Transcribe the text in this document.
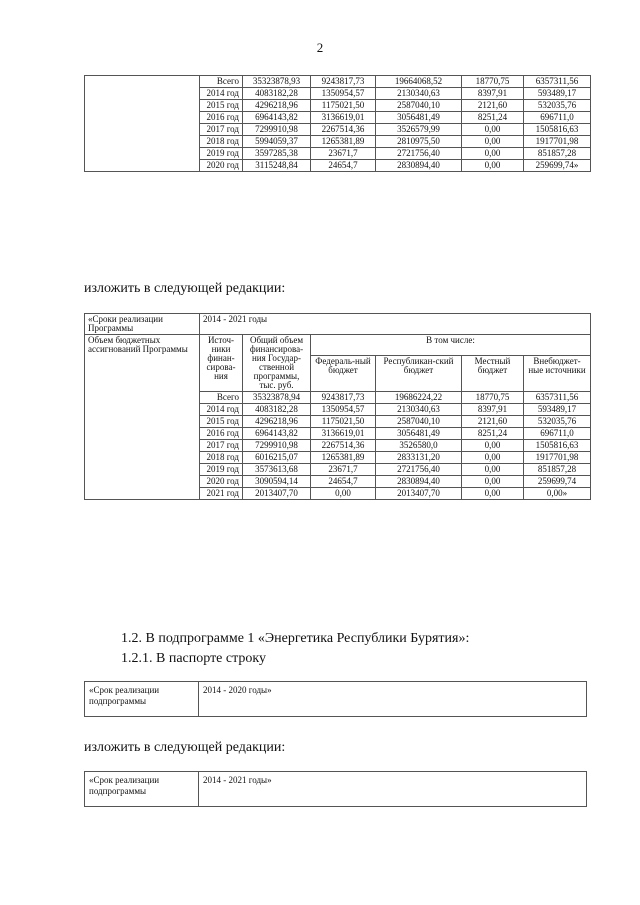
2
	Всего	35323878,93	9243817,73	19664068,52	18770,75	6357311,56
	2014 год	4083182,28	1350954,57	2130340,63	8397,91	593489,17
	2015 год	4296218,96	1175021,50	2587040,10	2121,60	532035,76
	2016 год	6964143,82	3136619,01	3056481,49	8251,24	696711,0
	2017 год	7299910,98	2267514,36	3526579,99	0,00	1505816,63
	2018 год	5994059,37	1265381,89	2810975,50	0,00	1917701,98
	2019 год	3597285,38	23671,7	2721756,40	0,00	851857,28
	2020 год	3115248,84	24654,7	2830894,40	0,00	259699,74»
изложить в следующей редакции:
«Сроки реализации Программы	2014 - 2021 годы					
Объем бюджетных ассигнований Программы	Источ-ники финан-сирова-ния	Общий объем финансирова-ния Государ-ственной программы, тыс. руб.	В том числе:			
			Федераль-ный бюджет	Республикан-ский бюджет	Местный бюджет	Внебюджет-ные источники
	Всего	35323878,94	9243817,73	19686224,22	18770,75	6357311,56
	2014 год	4083182,28	1350954,57	2130340,63	8397,91	593489,17
	2015 год	4296218,96	1175021,50	2587040,10	2121,60	532035,76
	2016 год	6964143,82	3136619,01	3056481,49	8251,24	696711,0
	2017 год	7299910,98	2267514,36	3526580,0	0,00	1505816,63
	2018 год	6016215,07	1265381,89	2833131,20	0,00	1917701,98
	2019 год	3573613,68	23671,7	2721756,40	0,00	851857,28
	2020 год	3090594,14	24654,7	2830894,40	0,00	259699,74
	2021 год	2013407,70	0,00	2013407,70	0,00	0,00»
1.2. В подпрограмме 1 «Энергетика Республики Бурятия»:
1.2.1. В паспорте строку
«Срок реализации подпрограммы	2014 - 2020 годы»
изложить в следующей редакции:
«Срок реализации подпрограммы	2014 - 2021 годы»
